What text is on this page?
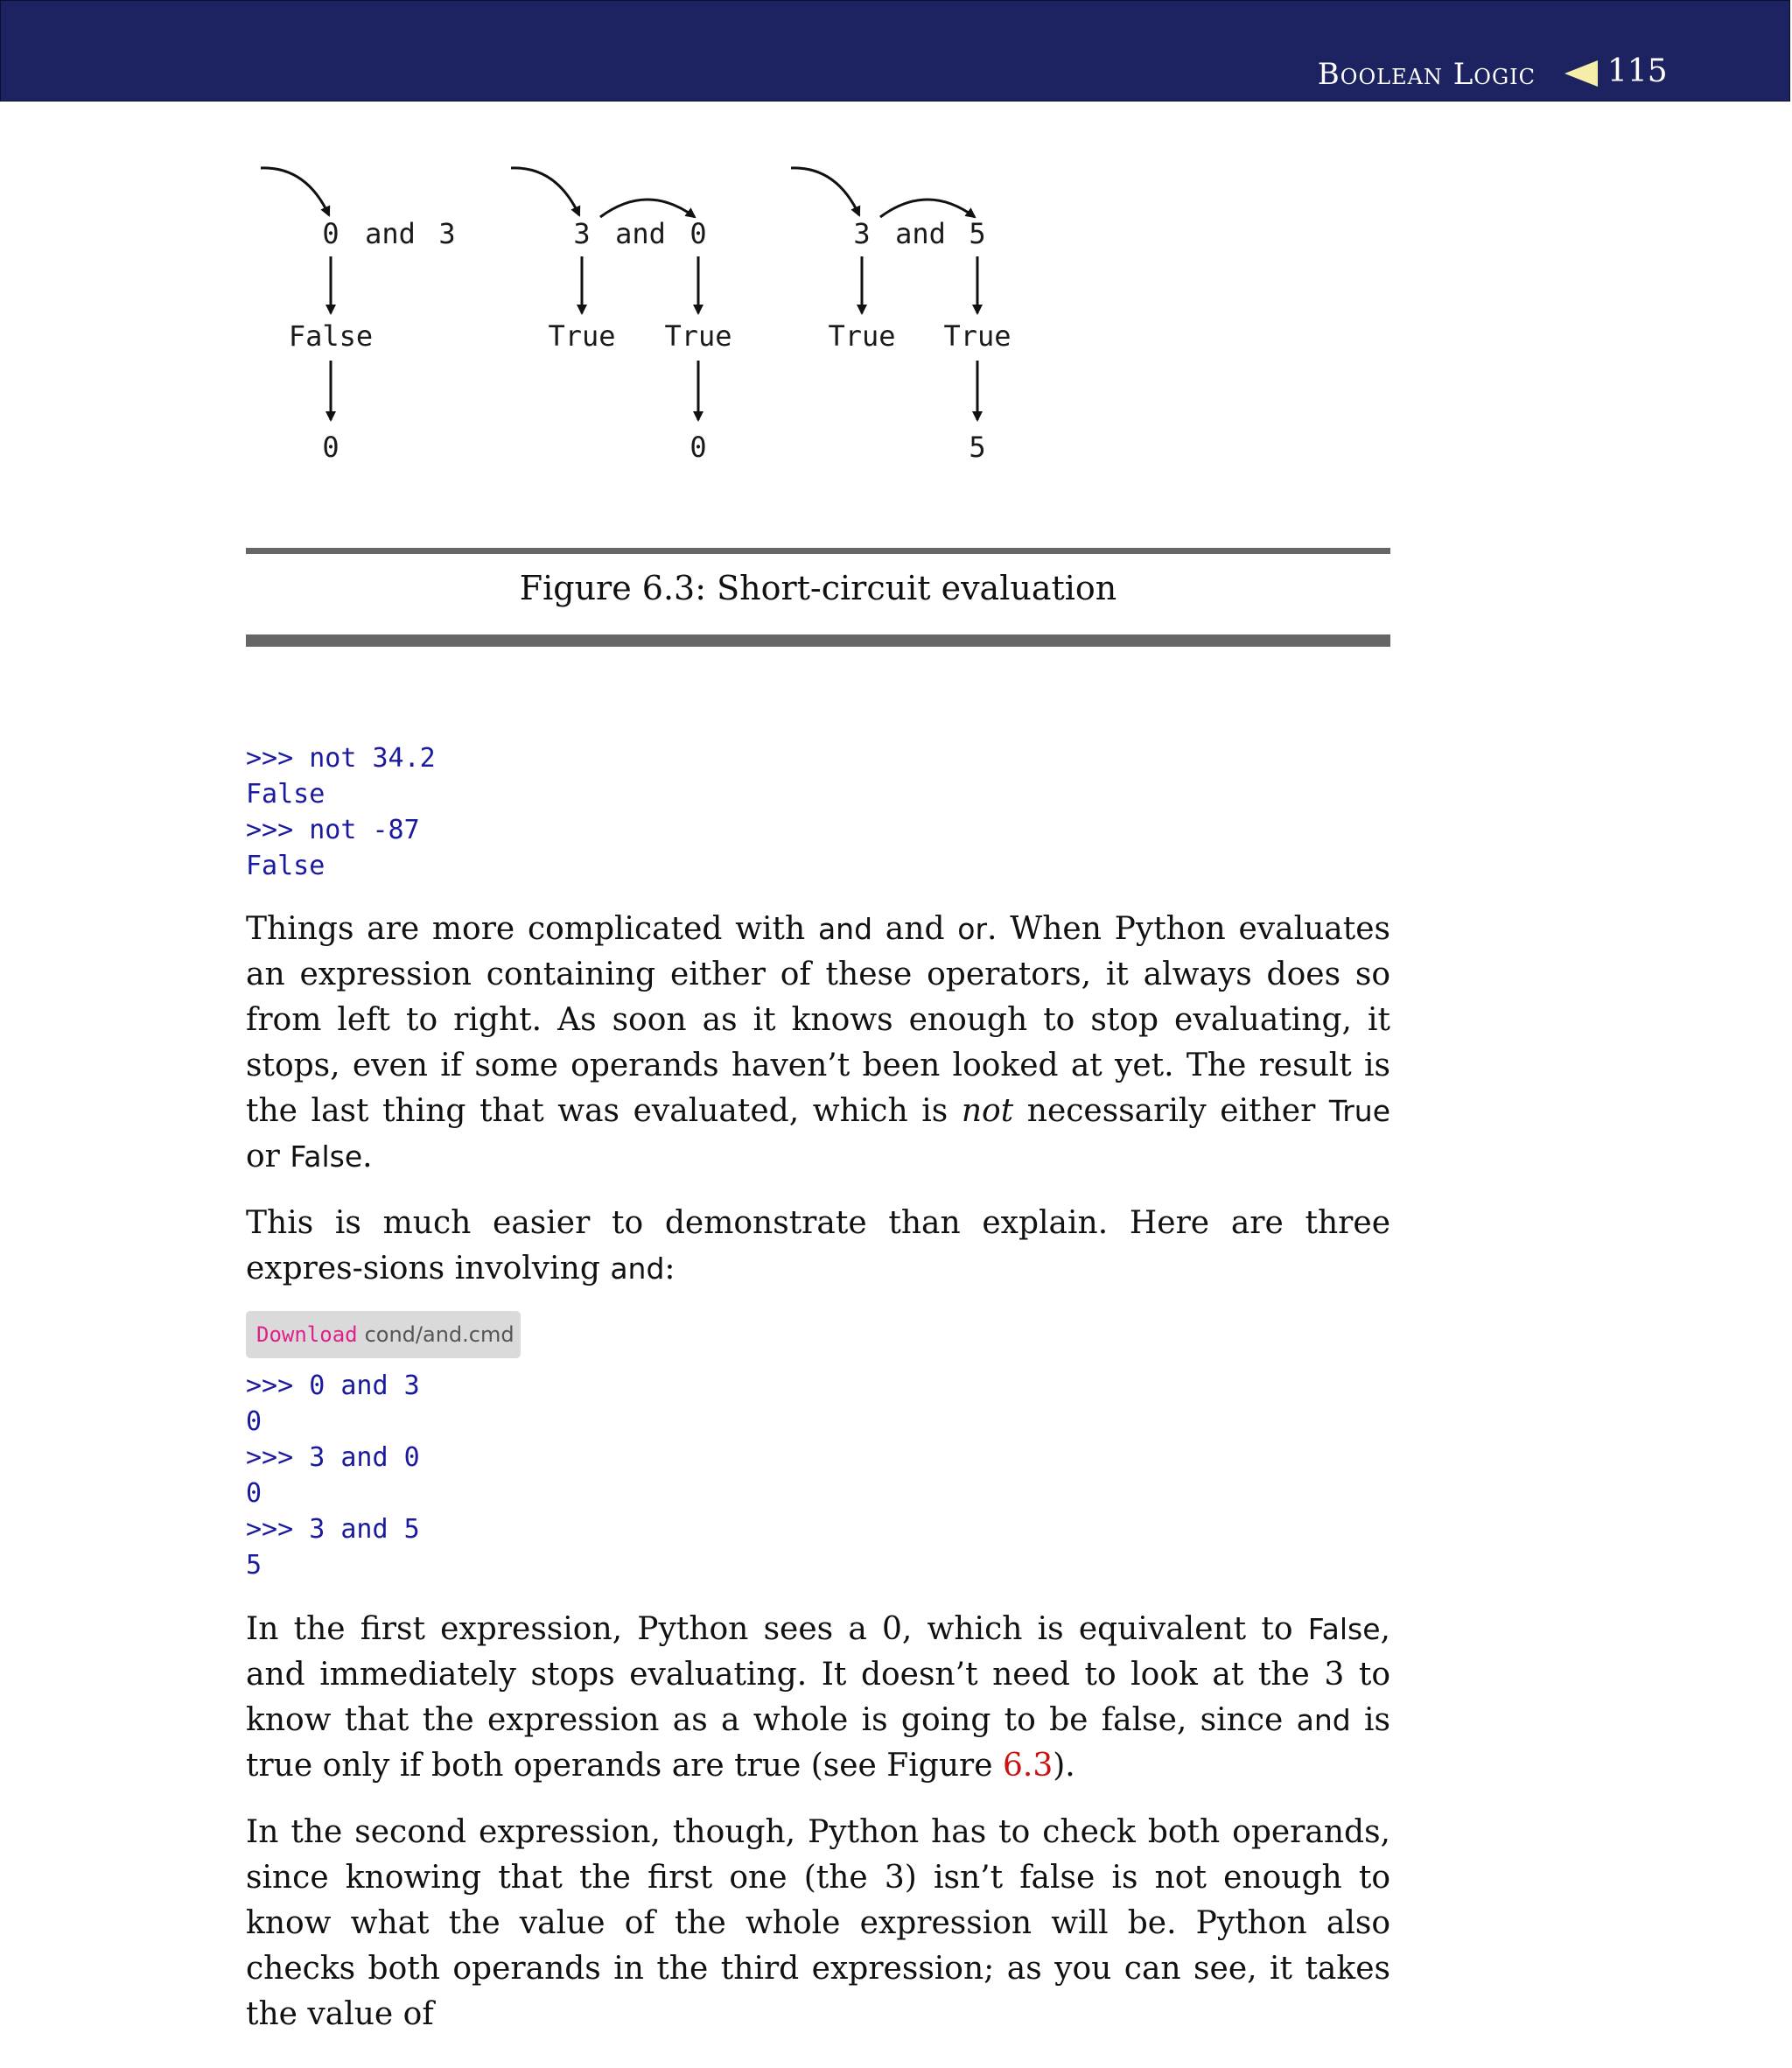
Boolean Logic 115
0 and 3
False
0
3 and 0
True True
0
3 and 5
True True
5
Figure 6.3: Short-circuit evaluation
>>> not 34.2
False
>>> not -87
False

Things are more complicated with and and or. When Python evaluates an expression containing either of these operators, it always does so from left to right. As soon as it knows enough to stop evaluating, it stops, even if some operands haven’t been looked at yet. The result is the last thing that was evaluated, which is not necessarily either True or False.

This is much easier to demonstrate than explain. Here are three expres-sions involving and:

Download cond/and.cmd
>>> 0 and 3
0
>>> 3 and 0
0
>>> 3 and 5
5

In the first expression, Python sees a 0, which is equivalent to False, and immediately stops evaluating. It doesn’t need to look at the 3 to know that the expression as a whole is going to be false, since and is true only if both operands are true (see Figure 6.3).

In the second expression, though, Python has to check both operands, since knowing that the first one (the 3) isn’t false is not enough to know what the value of the whole expression will be. Python also checks both operands in the third expression; as you can see, it takes the value of
